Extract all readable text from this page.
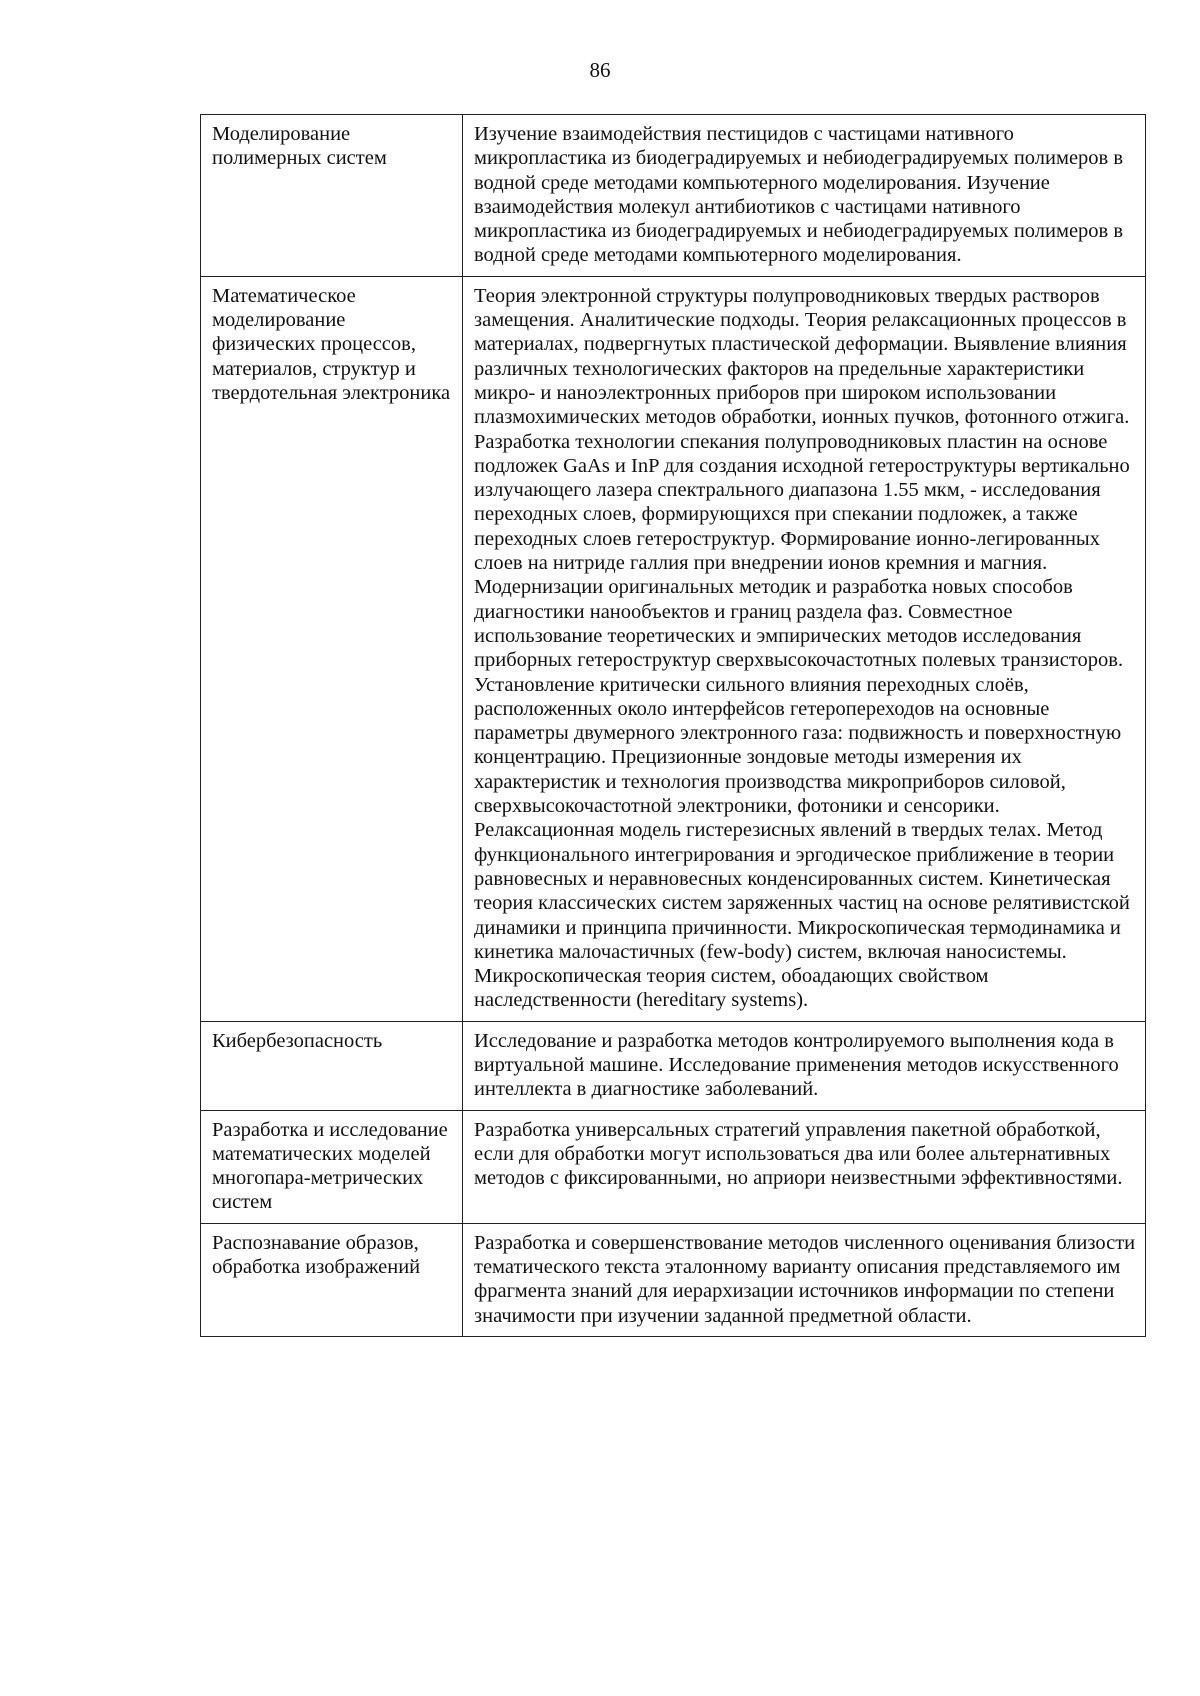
86
Моделирование полимерных систем	Изучение взаимодействия пестицидов с частицами нативного микропластика из биодеградируемых и небиодеградируемых полимеров в водной среде методами компьютерного моделирования. Изучение взаимодействия молекул антибиотиков с частицами нативного микропластика из биодеградируемых и небиодеградируемых полимеров в водной среде методами компьютерного моделирования.

Математическое моделирование физических процессов, материалов, структур и твердотельная электроника	Теория электронной структуры полупроводниковых твердых растворов замещения. Аналитические подходы. Теория релаксационных процессов в материалах, подвергнутых пластической деформации. Выявление влияния различных технологических факторов на предельные характеристики микро- и наноэлектронных приборов при широком использовании плазмохимических методов обработки, ионных пучков, фотонного отжига. Разработка технологии спекания полупроводниковых пластин на основе подложек GaAs и InP для создания исходной гетероструктуры вертикально излучающего лазера спектрального диапазона 1.55 мкм, - исследования переходных слоев, формирующихся при спекании подложек, а также переходных слоев гетероструктур. Формирование ионно-легированных слоев на нитриде галлия при внедрении ионов кремния и магния. Модернизации оригинальных методик и разработка новых способов диагностики нанообъектов и границ раздела фаз. Совместное использование теоретических и эмпирических методов исследования приборных гетероструктур сверхвысокочастотных полевых транзисторов. Установление критически сильного влияния переходных слоёв, расположенных около интерфейсов гетеропереходов на основные параметры двумерного электронного газа: подвижность и поверхностную концентрацию. Прецизионные зондовые методы измерения их характеристик и технология производства микроприборов силовой, сверхвысокочастотной электроники, фотоники и сенсорики. Релаксационная модель гистерезисных явлений в твердых телах. Метод функционального интегрирования и эргодическое приближение в теории равновесных и неравновесных конденсированных систем. Кинетическая теория классических систем заряженных частиц на основе релятивистской динамики и принципа причинности. Микроскопическая термодинамика и кинетика малочастичных (few-body) систем, включая наносистемы. Микроскопическая теория систем, обоадающих свойством наследственности (hereditary systems).

Кибербезопасность	Исследование и разработка методов контролируемого выполнения кода в виртуальной машине. Исследование применения методов искусственного интеллекта в диагностике заболеваний.

Разработка и исследование математических моделей многопара-метрических систем	Разработка универсальных стратегий управления пакетной обработкой, если для обработки могут использоваться два или более альтернативных методов с фиксированными, но априори неизвестными эффективностями.

Распознавание образов, обработка изображений	Разработка и совершенствование методов численного оценивания близости тематического текста эталонному варианту описания представляемого им фрагмента знаний для иерархизации источников информации по степени значимости при изучении заданной предметной области.
